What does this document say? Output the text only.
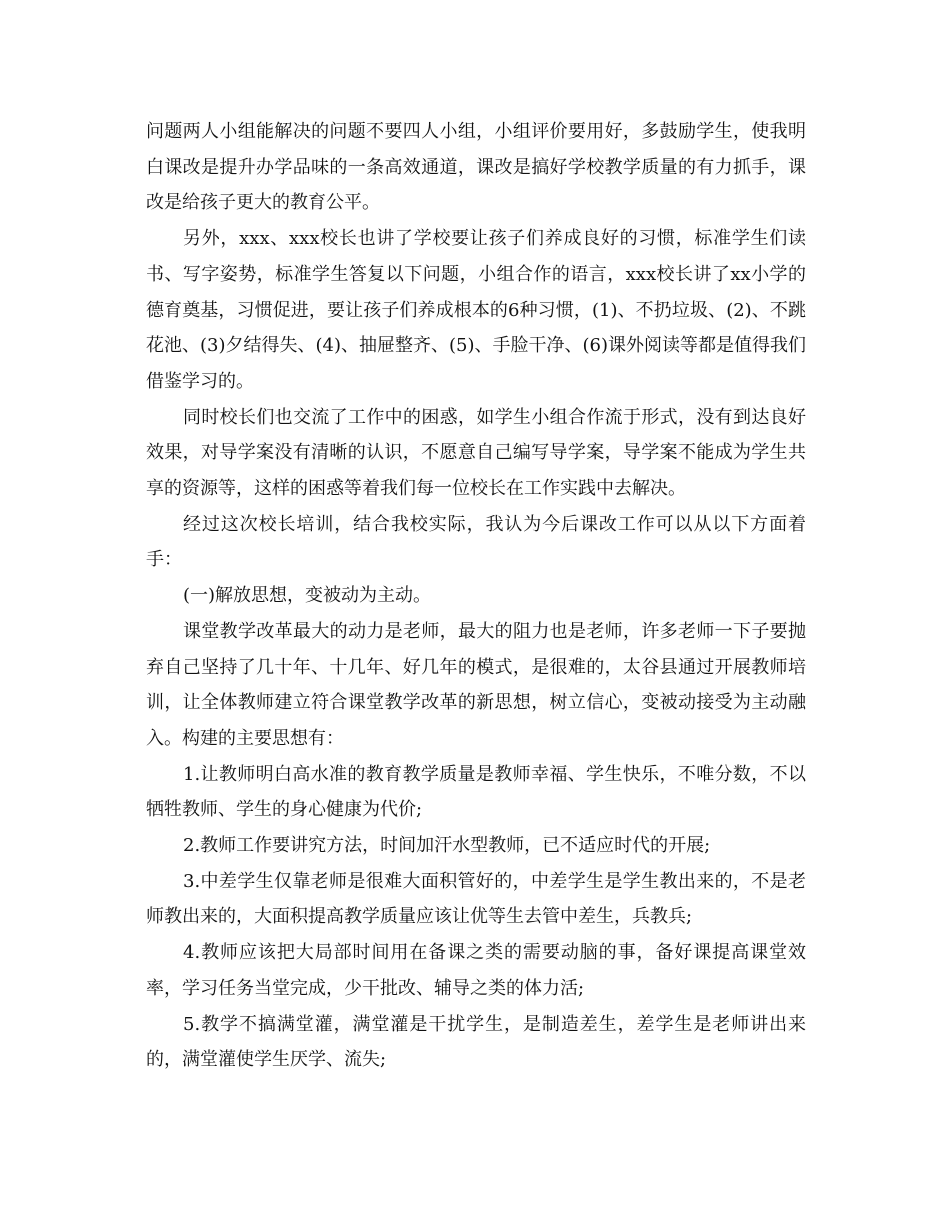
问题两人小组能解决的问题不要四人小组，小组评价要用好，多鼓励学生，使我明白课改是提升办学品味的一条高效通道，课改是搞好学校教学质量的有力抓手，课改是给孩子更大的教育公平。

另外，xxx、xxx校长也讲了学校要让孩子们养成良好的习惯，标准学生们读书、写字姿势，标准学生答复以下问题，小组合作的语言，xxx校长讲了xx小学的德育奠基，习惯促进，要让孩子们养成根本的6种习惯，(1)、不扔垃圾、(2)、不跳花池、(3)夕结得失、(4)、抽屉整齐、(5)、手脸干净、(6)课外阅读等都是值得我们借鉴学习的。

同时校长们也交流了工作中的困惑，如学生小组合作流于形式，没有到达良好效果，对导学案没有清晰的认识，不愿意自己编写导学案，导学案不能成为学生共享的资源等，这样的困惑等着我们每一位校长在工作实践中去解决。

经过这次校长培训，结合我校实际，我认为今后课改工作可以从以下方面着手：

(一)解放思想，变被动为主动。

课堂教学改革最大的动力是老师，最大的阻力也是老师，许多老师一下子要抛弃自己坚持了几十年、十几年、好几年的模式，是很难的，太谷县通过开展教师培训，让全体教师建立符合课堂教学改革的新思想，树立信心，变被动接受为主动融入。构建的主要思想有：

1.让教师明白高水准的教育教学质量是教师幸福、学生快乐，不唯分数，不以牺牲教师、学生的身心健康为代价;

2.教师工作要讲究方法，时间加汗水型教师，已不适应时代的开展;

3.中差学生仅靠老师是很难大面积管好的，中差学生是学生教出来的，不是老师教出来的，大面积提高教学质量应该让优等生去管中差生，兵教兵;

4.教师应该把大局部时间用在备课之类的需要动脑的事，备好课提高课堂效率，学习任务当堂完成，少干批改、辅导之类的体力活;

5.教学不搞满堂灌，满堂灌是干扰学生，是制造差生，差学生是老师讲出来的，满堂灌使学生厌学、流失;
